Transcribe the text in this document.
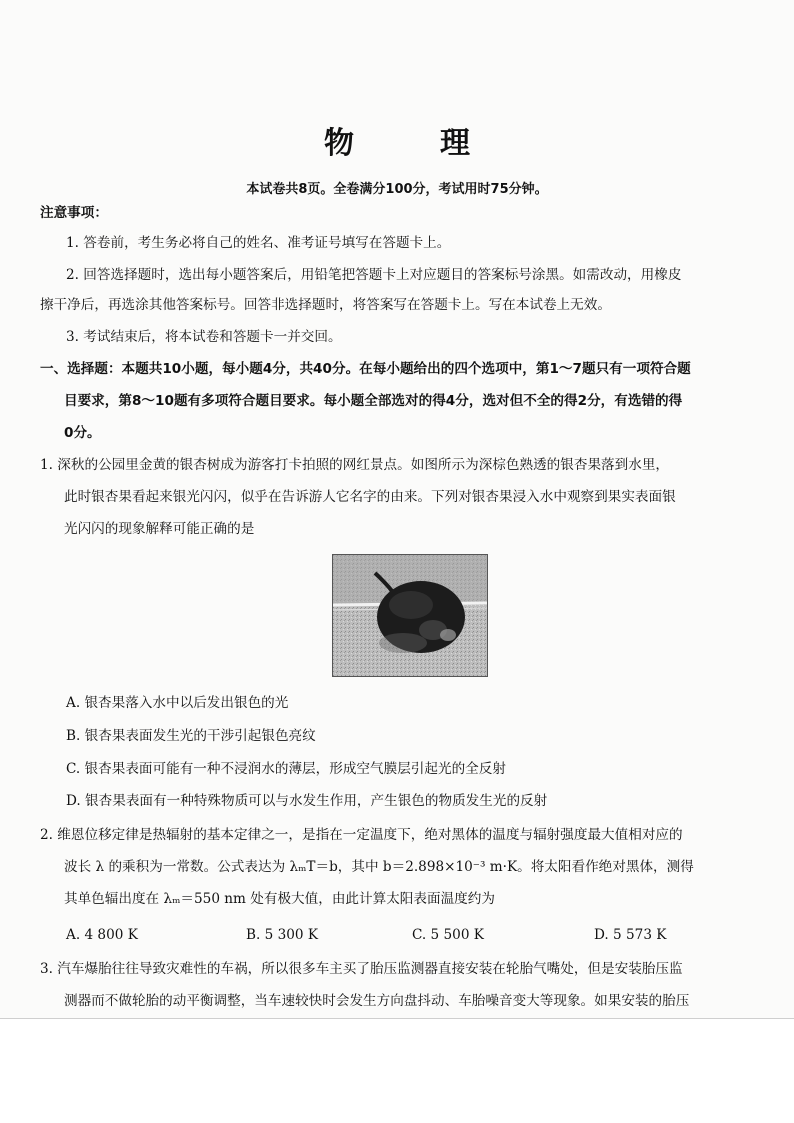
物　理
本试卷共8页。全卷满分100分，考试用时75分钟。
注意事项：
1. 答卷前，考生务必将自己的姓名、准考证号填写在答题卡上。
2. 回答选择题时，选出每小题答案后，用铅笔把答题卡上对应题目的答案标号涂黑。如需改动，用橡皮
擦干净后，再选涂其他答案标号。回答非选择题时，将答案写在答题卡上。写在本试卷上无效。
3. 考试结束后，将本试卷和答题卡一并交回。
一、选择题：本题共10小题，每小题4分，共40分。在每小题给出的四个选项中，第1～7题只有一项符合题
目要求，第8～10题有多项符合题目要求。每小题全部选对的得4分，选对但不全的得2分，有选错的得
0分。
1. 深秋的公园里金黄的银杏树成为游客打卡拍照的网红景点。如图所示为深棕色熟透的银杏果落到水里，
此时银杏果看起来银光闪闪，似乎在告诉游人它名字的由来。下列对银杏果浸入水中观察到果实表面银
光闪闪的现象解释可能正确的是
A. 银杏果落入水中以后发出银色的光
B. 银杏果表面发生光的干涉引起银色亮纹
C. 银杏果表面可能有一种不浸润水的薄层，形成空气膜层引起光的全反射
D. 银杏果表面有一种特殊物质可以与水发生作用，产生银色的物质发生光的反射
2. 维恩位移定律是热辐射的基本定律之一，是指在一定温度下，绝对黑体的温度与辐射强度最大值相对应的
波长 λ 的乘积为一常数。公式表达为 λₘT＝b，其中 b＝2.898×10⁻³ m·K。将太阳看作绝对黑体，测得
其单色辐出度在 λₘ＝550 nm 处有极大值，由此计算太阳表面温度约为
A. 4 800 K	B. 5 300 K	C. 5 500 K	D. 5 573 K
3. 汽车爆胎往往导致灾难性的车祸，所以很多车主买了胎压监测器直接安装在轮胎气嘴处，但是安装胎压监
测器而不做轮胎的动平衡调整，当车速较快时会发生方向盘抖动、车胎噪音变大等现象。如果安装的胎压
